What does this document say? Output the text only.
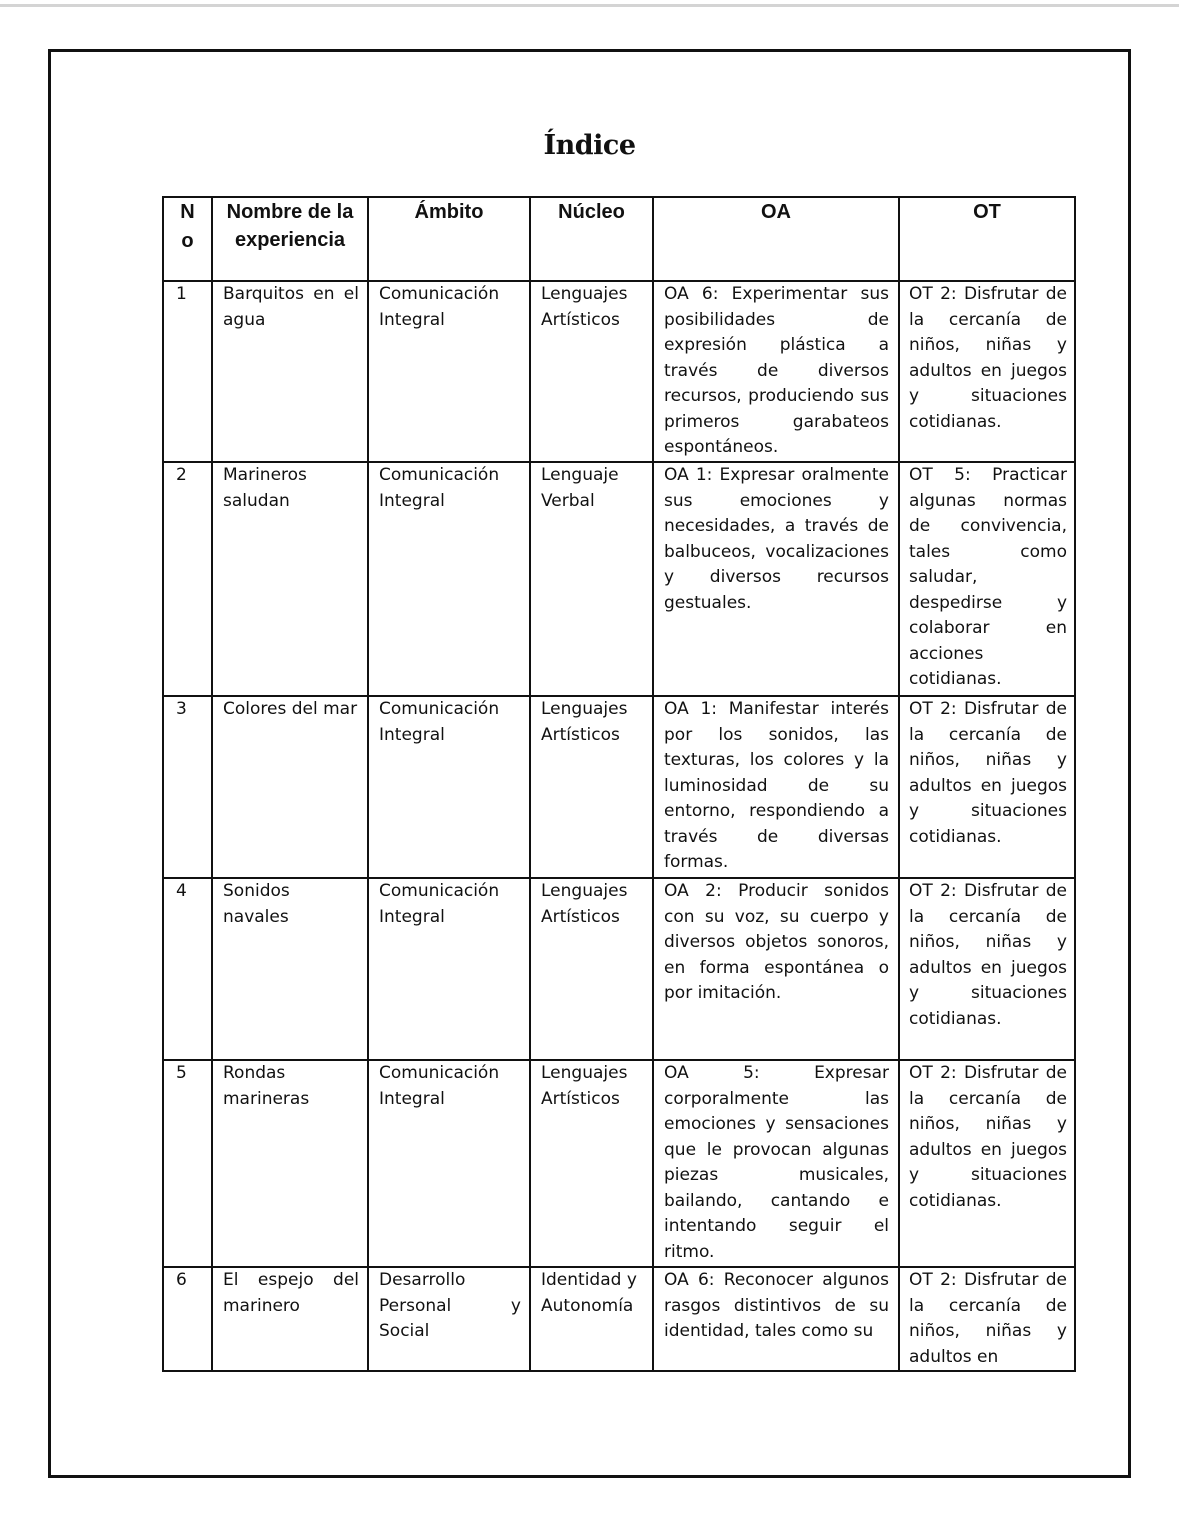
Índice
N o	Nombre de la experiencia	Ámbito	Núcleo	OA	OT
1	Barquitos en el agua	Comunicación Integral	Lenguajes Artísticos	OA 6: Experimentar sus posibilidades de expresión plástica a través de diversos recursos, produciendo sus primeros garabateos espontáneos.	OT 2: Disfrutar de la cercanía de niños, niñas y adultos en juegos y situaciones cotidianas.
2	Marineros saludan	Comunicación Integral	Lenguaje Verbal	OA 1: Expresar oralmente sus emociones y necesidades, a través de balbuceos, vocalizaciones y diversos recursos gestuales.	OT 5: Practicar algunas normas de convivencia, tales como saludar, despedirse y colaborar en acciones cotidianas.
3	Colores del mar	Comunicación Integral	Lenguajes Artísticos	OA 1: Manifestar interés por los sonidos, las texturas, los colores y la luminosidad de su entorno, respondiendo a través de diversas formas.	OT 2: Disfrutar de la cercanía de niños, niñas y adultos en juegos y situaciones cotidianas.
4	Sonidos navales	Comunicación Integral	Lenguajes Artísticos	OA 2: Producir sonidos con su voz, su cuerpo y diversos objetos sonoros, en forma espontánea o por imitación.	OT 2: Disfrutar de la cercanía de niños, niñas y adultos en juegos y situaciones cotidianas.
5	Rondas marineras	Comunicación Integral	Lenguajes Artísticos	OA 5: Expresar corporalmente las emociones y sensaciones que le provocan algunas piezas musicales, bailando, cantando e intentando seguir el ritmo.	OT 2: Disfrutar de la cercanía de niños, niñas y adultos en juegos y situaciones cotidianas.
6	El espejo del marinero	Desarrollo Personal y Social	Identidad y Autonomía	OA 6: Reconocer algunos rasgos distintivos de su identidad, tales como su	OT 2: Disfrutar de la cercanía de niños, niñas y adultos en
